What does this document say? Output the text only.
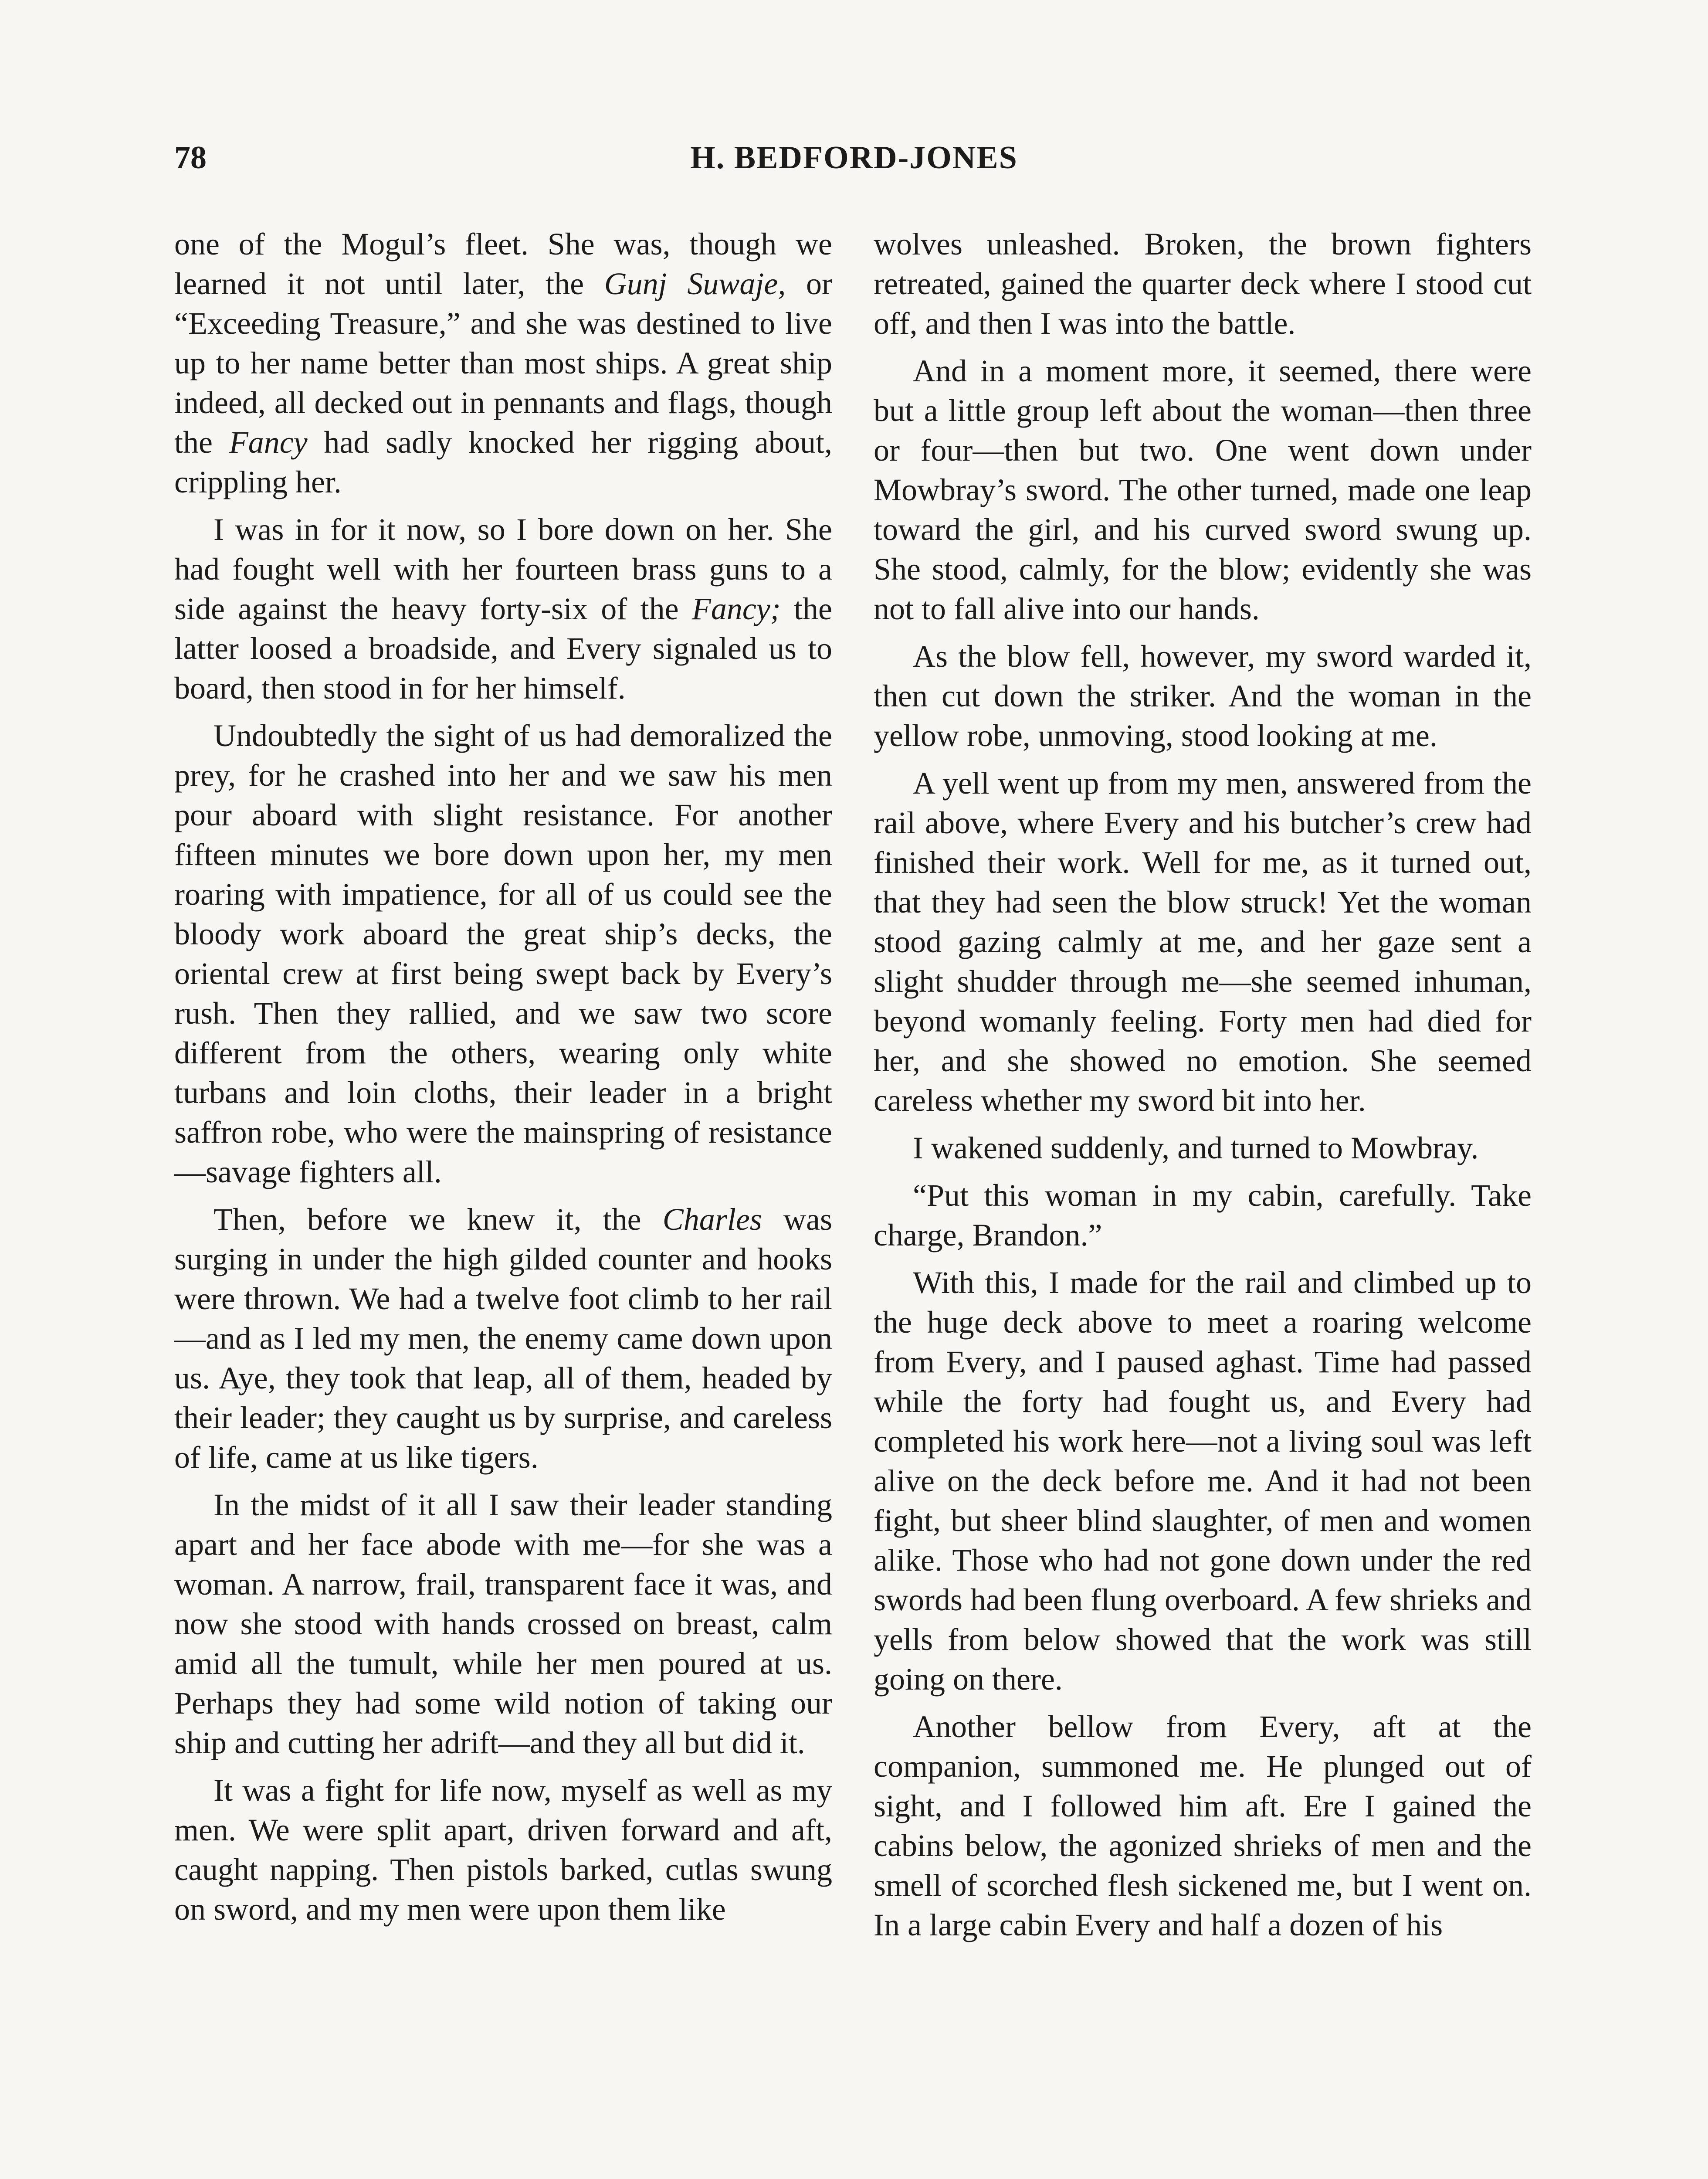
78	H. BEDFORD-JONES

one of the Mogul’s fleet. She was, though we learned it not until later, the Gunj Suwaje, or “Exceeding Treasure,” and she was destined to live up to her name better than most ships. A great ship indeed, all decked out in pennants and flags, though the Fancy had sadly knocked her rigging about, crippling her.

I was in for it now, so I bore down on her. She had fought well with her fourteen brass guns to a side against the heavy forty-six of the Fancy; the latter loosed a broadside, and Every signaled us to board, then stood in for her himself.

Undoubtedly the sight of us had demoralized the prey, for he crashed into her and we saw his men pour aboard with slight resistance. For another fifteen minutes we bore down upon her, my men roaring with impatience, for all of us could see the bloody work aboard the great ship’s decks, the oriental crew at first being swept back by Every’s rush. Then they rallied, and we saw two score different from the others, wearing only white turbans and loin cloths, their leader in a bright saffron robe, who were the mainspring of resistance—savage fighters all.

Then, before we knew it, the Charles was surging in under the high gilded counter and hooks were thrown. We had a twelve foot climb to her rail—and as I led my men, the enemy came down upon us. Aye, they took that leap, all of them, headed by their leader; they caught us by surprise, and careless of life, came at us like tigers.

In the midst of it all I saw their leader standing apart and her face abode with me—for she was a woman. A narrow, frail, transparent face it was, and now she stood with hands crossed on breast, calm amid all the tumult, while her men poured at us. Perhaps they had some wild notion of taking our ship and cutting her adrift—and they all but did it.

It was a fight for life now, myself as well as my men. We were split apart, driven forward and aft, caught napping. Then pistols barked, cutlas swung on sword, and my men were upon them like

wolves unleashed. Broken, the brown fighters retreated, gained the quarter deck where I stood cut off, and then I was into the battle.

And in a moment more, it seemed, there were but a little group left about the woman—then three or four—then but two. One went down under Mowbray’s sword. The other turned, made one leap toward the girl, and his curved sword swung up. She stood, calmly, for the blow; evidently she was not to fall alive into our hands.

As the blow fell, however, my sword warded it, then cut down the striker. And the woman in the yellow robe, unmoving, stood looking at me.

A yell went up from my men, answered from the rail above, where Every and his butcher’s crew had finished their work. Well for me, as it turned out, that they had seen the blow struck! Yet the woman stood gazing calmly at me, and her gaze sent a slight shudder through me—she seemed inhuman, beyond womanly feeling. Forty men had died for her, and she showed no emotion. She seemed careless whether my sword bit into her.

I wakened suddenly, and turned to Mowbray.

“Put this woman in my cabin, carefully. Take charge, Brandon.”

With this, I made for the rail and climbed up to the huge deck above to meet a roaring welcome from Every, and I paused aghast. Time had passed while the forty had fought us, and Every had completed his work here—not a living soul was left alive on the deck before me. And it had not been fight, but sheer blind slaughter, of men and women alike. Those who had not gone down under the red swords had been flung overboard. A few shrieks and yells from below showed that the work was still going on there.

Another bellow from Every, aft at the companion, summoned me. He plunged out of sight, and I followed him aft. Ere I gained the cabins below, the agonized shrieks of men and the smell of scorched flesh sickened me, but I went on. In a large cabin Every and half a dozen of his
